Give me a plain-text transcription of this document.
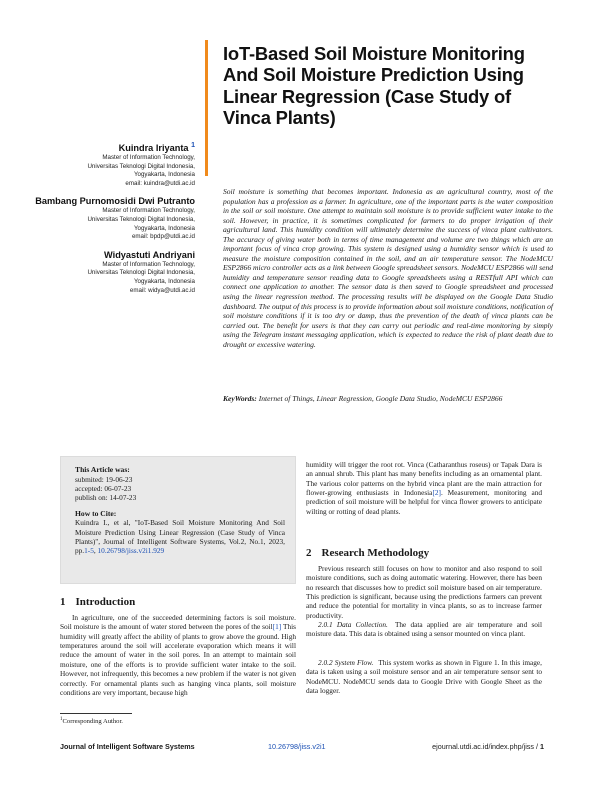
Kuindra Iriyanta $^1$
Master of Information Technology,
Universitas Teknologi Digital Indonesia,
Yogyakarta, Indonesia
email: kuindra@utdi.ac.id
Bambang Purnomosidi Dwi Putranto
Master of Information Technology,
Universitas Teknologi Digital Indonesia,
Yogyakarta, Indonesia
email: bpdp@utdi.ac.id
Widyastuti Andriyani
Master of Information Technology,
Universitas Teknologi Digital Indonesia,
Yogyakarta, Indonesia
email: widya@utdi.ac.id
IoT-Based Soil Moisture Monitoring And Soil Moisture Prediction Using Linear Regression (Case Study of Vinca Plants)

Soil moisture is something that becomes important. Indonesia as an agricultural country, most of the population has a profession as a farmer. In agriculture, one of the important parts is the water composition in the soil or soil moisture. One attempt to maintain soil moisture is to provide sufficient water intake to the soil. However, in practice, it is sometimes complicated for farmers to do proper irrigation of their agricultural land. This humidity condition will ultimately determine the success of vinca plant cultivators. The accuracy of giving water both in terms of time management and volume are two things which are an important focus of vinca crop growing. This system is designed using a humidity sensor which is used to measure the moisture composition contained in the soil, and an air temperature sensor. The NodeMCU ESP2866 micro controller acts as a link between Google spreadsheet sensors. NodeMCU ESP2866 will send humidity and temperature sensor reading data to Google spreadsheets using a RESTfull API which can connect one application to another. The sensor data is then saved to Google spreadsheet and processed using the linear regression method. The processing results will be displayed on the Google Data Studio dashboard. The output of this process is to provide information about soil moisture conditions, notification of soil moisture conditions if it is too dry or damp, thus the prevention of the death of vinca plants can be carried out. The benefit for users is that they can carry out periodic and real-time monitoring by simply using the Telegram instant messaging application, which is expected to reduce the risk of plant death due to drought or excessive watering.

KeyWords: Internet of Things, Linear Regression, Google Data Studio, NodeMCU ESP2866

This Article was:
submited: 19-06-23
accepted: 06-07-23
publish on: 14-07-23
How to Cite:
Kuindra I., et al, "IoT-Based Soil Moisture Monitoring And Soil Moisture Prediction Using Linear Regression (Case Study of Vinca Plants)", Journal of Intelligent Software Systems, Vol.2, No.1, 2023, pp.1-5, 10.26798/jiss.v2i1.929
1 Introduction

In agriculture, one of the succeeded determining factors is soil moisture. Soil moisture is the amount of water stored between the pores of the soil[1] This humidity will greatly affect the ability of plants to grow above the ground. High temperatures around the soil will accelerate evaporation which means it will reduce the amount of water in the soil pores. In an attempt to maintain soil moisture, one of the efforts is to provide sufficient water intake to the soil. However, not infrequently, this becomes a new problem if the water is not given correctly. For ornamental plants such as hanging vinca plants, soil moisture conditions are very important, because high

$^1$Corresponding Author.

humidity will trigger the root rot. Vinca (Catharanthus roseus) or Tapak Dara is an annual shrub. This plant has many benefits including as an ornamental plant. The various color patterns on the hybrid vinca plant are the main attraction for flower-growing enthusiasts in Indonesia[2]. Measurement, monitoring and prediction of soil moisture will be helpful for vinca flower growers to anticipate wilting or rotting of dead plants.

2 Research Methodology

Previous research still focuses on how to monitor and also respond to soil moisture conditions, such as doing automatic watering. However, there has been no research that discusses how to predict soil moisture based on air temperature. This prediction is significant, because using the predictions farmers can prevent and reduce the potential for mortality in vinca plants, so as to increase farmer productivity.

2.0.1 Data Collection. The data applied are air temperature and soil moisture data. This data is obtained using a sensor mounted on vinca plant.

2.0.2 System Flow. This system works as shown in Figure 1. In this image, data is taken using a soil moisture sensor and an air temperature sensor sent to NodeMCU. NodeMCU sends data to Google Drive with Google Sheet as the data logger.

Journal of Intelligent Software Systems	10.26798/jiss.v2i1	ejournal.utdi.ac.id/index.php/jiss / 1
